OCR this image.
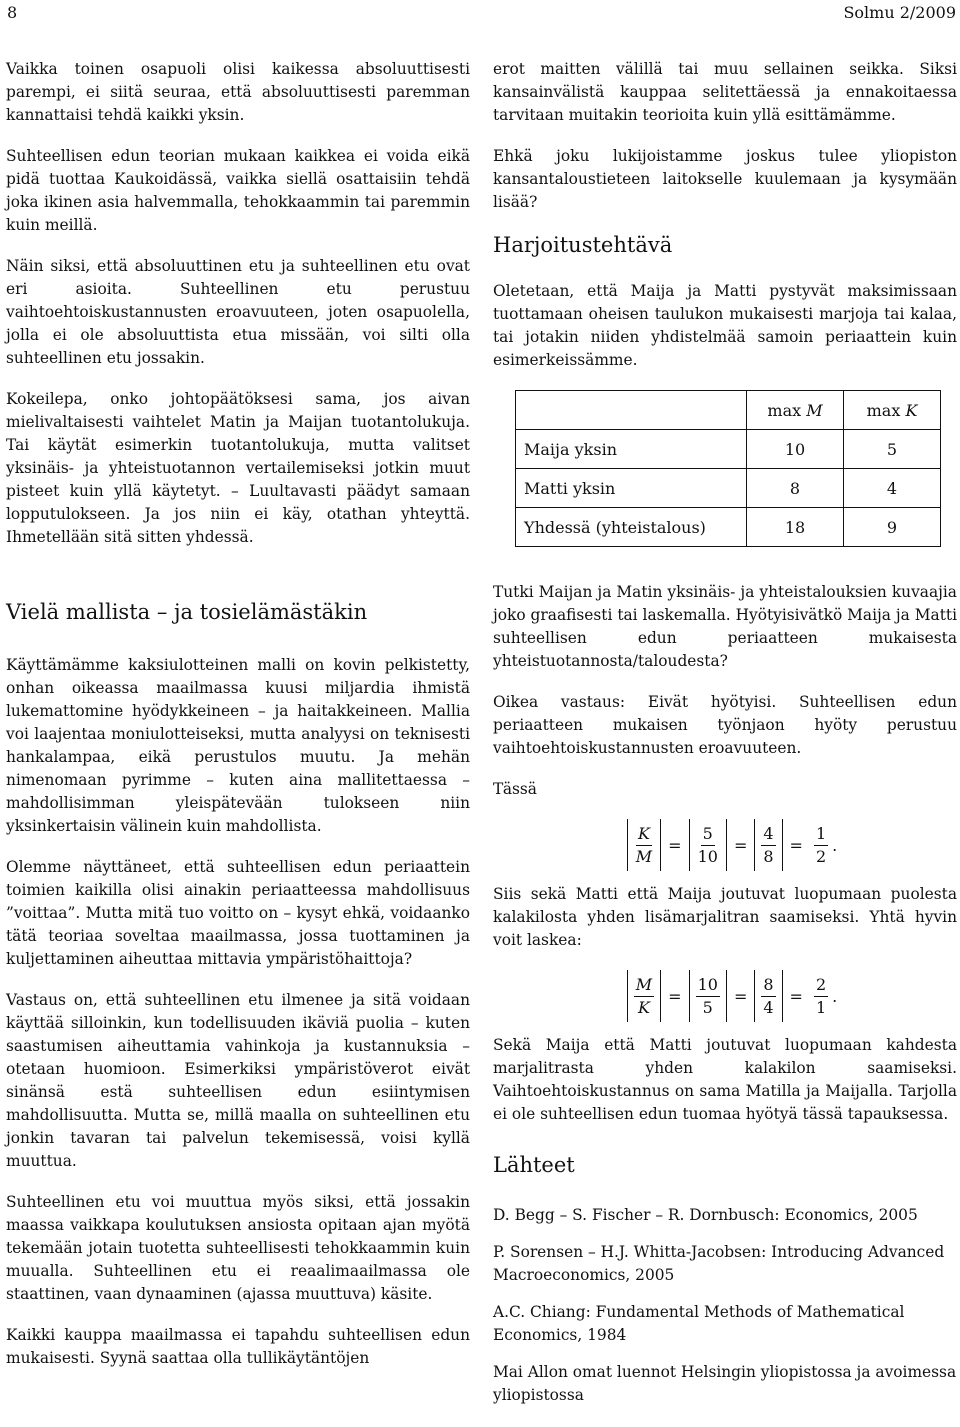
8	Solmu 2/2009

Vaikka toinen osapuoli olisi kaikessa absoluuttisesti parempi, ei siitä seuraa, että absoluuttisesti paremman kannattaisi tehdä kaikki yksin.

Suhteellisen edun teorian mukaan kaikkea ei voida eikä pidä tuottaa Kaukoidässä, vaikka siellä osattaisiin tehdä joka ikinen asia halvemmalla, tehokkaammin tai paremmin kuin meillä.

Näin siksi, että absoluuttinen etu ja suhteellinen etu ovat eri asioita. Suhteellinen etu perustuu vaihtoehtoiskustannusten eroavuuteen, joten osapuolella, jolla ei ole absoluuttista etua missään, voi silti olla suhteellinen etu jossakin.

Kokeilepa, onko johtopäätöksesi sama, jos aivan mielivaltaisesti vaihtelet Matin ja Maijan tuotantolukuja. Tai käytät esimerkin tuotantolukuja, mutta valitset yksinäis- ja yhteistuotannon vertailemiseksi jotkin muut pisteet kuin yllä käytetyt. – Luultavasti päädyt samaan lopputulokseen. Ja jos niin ei käy, otathan yhteyttä. Ihmetellään sitä sitten yhdessä.

Vielä mallista – ja tosielämästäkin

Käyttämämme kaksiulotteinen malli on kovin pelkistetty, onhan oikeassa maailmassa kuusi miljardia ihmistä lukemattomine hyödykkeineen – ja haitakkeineen. Mallia voi laajentaa moniulotteiseksi, mutta analyysi on teknisesti hankalampaa, eikä perustulos muutu. Ja mehän nimenomaan pyrimme – kuten aina mallitettaessa – mahdollisimman yleispätevään tulokseen niin yksinkertaisin välinein kuin mahdollista.

Olemme näyttäneet, että suhteellisen edun periaattein toimien kaikilla olisi ainakin periaatteessa mahdollisuus ”voittaa”. Mutta mitä tuo voitto on – kysyt ehkä, voidaanko tätä teoriaa soveltaa maailmassa, jossa tuottaminen ja kuljettaminen aiheuttaa mittavia ympäristöhaittoja?

Vastaus on, että suhteellinen etu ilmenee ja sitä voidaan käyttää silloinkin, kun todellisuuden ikäviä puolia – kuten saastumisen aiheuttamia vahinkoja ja kustannuksia – otetaan huomioon. Esimerkiksi ympäristöverot eivät sinänsä estä suhteellisen edun esiintymisen mahdollisuutta. Mutta se, millä maalla on suhteellinen etu jonkin tavaran tai palvelun tekemisessä, voisi kyllä muuttua.

Suhteellinen etu voi muuttua myös siksi, että jossakin maassa vaikkapa koulutuksen ansiosta opitaan ajan myötä tekemään jotain tuotetta suhteellisesti tehokkaammin kuin muualla. Suhteellinen etu ei reaalimaailmassa ole staattinen, vaan dynaaminen (ajassa muuttuva) käsite.

Kaikki kauppa maailmassa ei tapahdu suhteellisen edun mukaisesti. Syynä saattaa olla tullikäytäntöjen

erot maitten välillä tai muu sellainen seikka. Siksi kansainvälistä kauppaa selitettäessä ja ennakoitaessa tarvitaan muitakin teorioita kuin yllä esittämämme.

Ehkä joku lukijoistamme joskus tulee yliopiston kansantaloustieteen laitokselle kuulemaan ja kysymään lisää?

Harjoitustehtävä

Oletetaan, että Maija ja Matti pystyvät maksimissaan tuottamaan oheisen taulukon mukaisesti marjoja tai kalaa, tai jotakin niiden yhdistelmää samoin periaattein kuin esimerkeissämme.

	max M	max K
Maija yksin	10	5
Matti yksin	8	4
Yhdessä (yhteistalous)	18	9

Tutki Maijan ja Matin yksinäis- ja yhteistalouksien kuvaajia joko graafisesti tai laskemalla. Hyötyisivätkö Maija ja Matti suhteellisen edun periaatteen mukaisesta yhteistuotannosta/taloudesta?

Oikea vastaus: Eivät hyötyisi. Suhteellisen edun periaatteen mukaisen työnjaon hyöty perustuu vaihtoehtoiskustannusten eroavuuteen.

Tässä

$\frac{K}{M} = \frac{5}{10} = \frac{4}{8} = \frac{1}{2}$ .

Siis sekä Matti että Maija joutuvat luopumaan puolesta kalakilosta yhden lisämarjalitran saamiseksi. Yhtä hyvin voit laskea:

$\frac{M}{K} = \frac{10}{5} = \frac{8}{4} = \frac{2}{1}$ .

Sekä Maija että Matti joutuvat luopumaan kahdesta marjalitrasta yhden kalakilon saamiseksi. Vaihtoehtoiskustannus on sama Matilla ja Maijalla. Tarjolla ei ole suhteellisen edun tuomaa hyötyä tässä tapauksessa.

Lähteet

D. Begg – S. Fischer – R. Dornbusch: Economics, 2005

P. Sorensen – H.J. Whitta-Jacobsen: Introducing Advanced Macroeconomics, 2005

A.C. Chiang: Fundamental Methods of Mathematical Economics, 1984

Mai Allon omat luennot Helsingin yliopistossa ja avoimessa yliopistossa
